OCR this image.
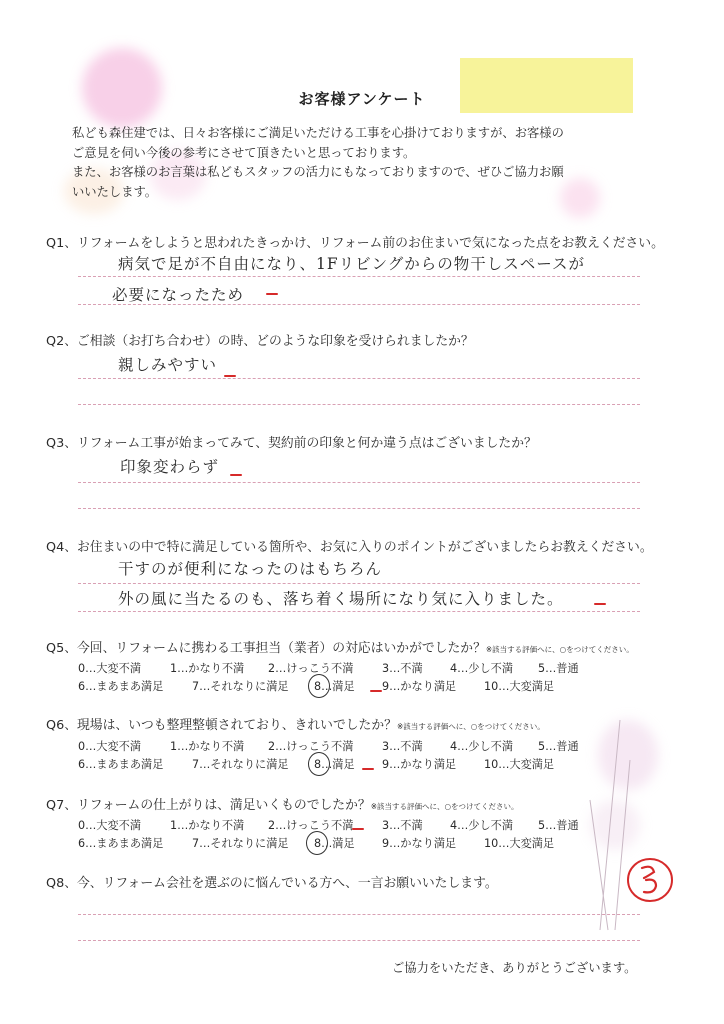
お客様アンケート
私ども森住建では、日々お客様にご満足いただける工事を心掛けておりますが、お客様の
ご意見を伺い今後の参考にさせて頂きたいと思っております。
また、お客様のお言葉は私どもスタッフの活力にもなっておりますので、ぜひご協力お願
いいたします。
Q1、リフォームをしようと思われたきっかけ、リフォーム前のお住まいで気になった点をお教えください。
病気で足が不自由になり、1Fリビングからの物干しスペースが
必要になったため
Q2、ご相談（お打ち合わせ）の時、どのような印象を受けられましたか？
親しみやすい
Q3、リフォーム工事が始まってみて、契約前の印象と何か違う点はございましたか？
印象変わらず
Q4、お住まいの中で特に満足している箇所や、お気に入りのポイントがございましたらお教えください。
干すのが便利になったのはもちろん
外の風に当たるのも、落ち着く場所になり気に入りました。
Q5、今回、リフォームに携わる工事担当（業者）の対応はいかがでしたか？※該当する評価へに、○をつけてください。
0…大変不満	1…かなり不満 2…けっこう不満	3…不満 4…少し不満 5…普通
6…まあまあ満足	7…それなりに満足 8…満足 9…かなり満足 10…大変満足
Q6、現場は、いつも整理整頓されており、きれいでしたか？※該当する評価へに、○をつけてください。
0…大変不満	1…かなり不満 2…けっこう不満	3…不満 4…少し不満 5…普通
6…まあまあ満足	7…それなりに満足 8…満足 9…かなり満足 10…大変満足
Q7、リフォームの仕上がりは、満足いくものでしたか？※該当する評価へに、○をつけてください。
0…大変不満	1…かなり不満 2…けっこう不満	3…不満 4…少し不満 5…普通
6…まあまあ満足	7…それなりに満足 8…満足 9…かなり満足 10…大変満足
Q8、今、リフォーム会社を選ぶのに悩んでいる方へ、一言お願いいたします。
ご協力をいただき、ありがとうございます。
